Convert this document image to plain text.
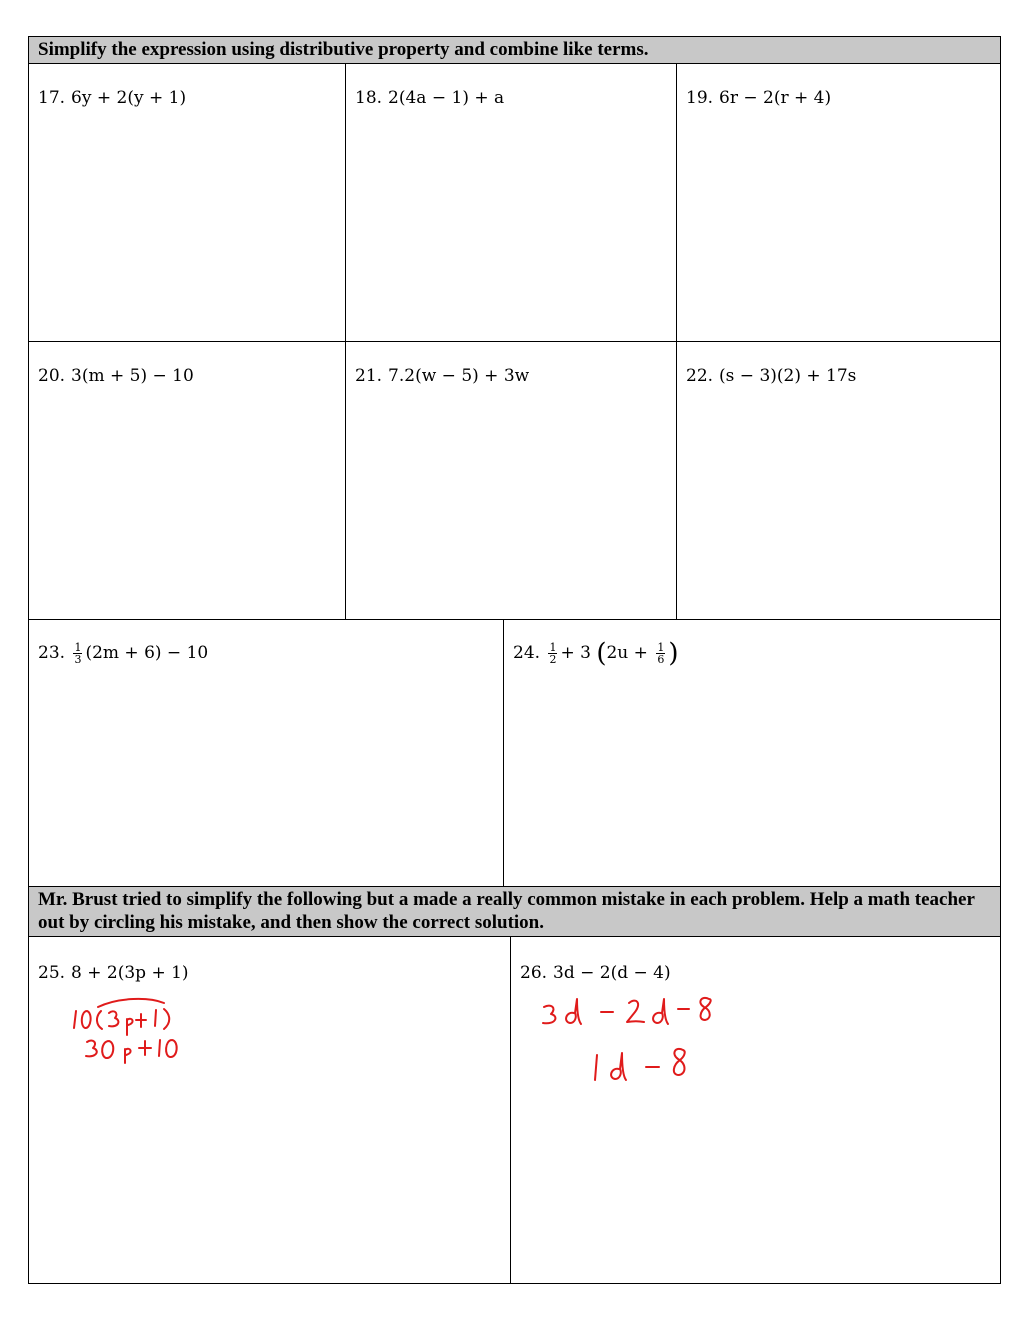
Simplify the expression using distributive property and combine like terms.
17. 6y + 2(y + 1)	18. 2(4a − 1) + a	19. 6r − 2(r + 4)
20. 3(m + 5) − 10	21. 7.2(w − 5) + 3w	22. (s − 3)(2) + 17s
23. $\frac{1}{3} (2m + 6) - 10$	24. $\frac{1}{2} + 3$ ($2u + \frac{1}{6}$ )
Mr. Brust tried to simplify the following but a made a really common mistake in each problem. Help a math teacher out by circling his mistake, and then show the correct solution.
25. 8 + 2(3p + 1)	26. 3d − 2(d − 4)
